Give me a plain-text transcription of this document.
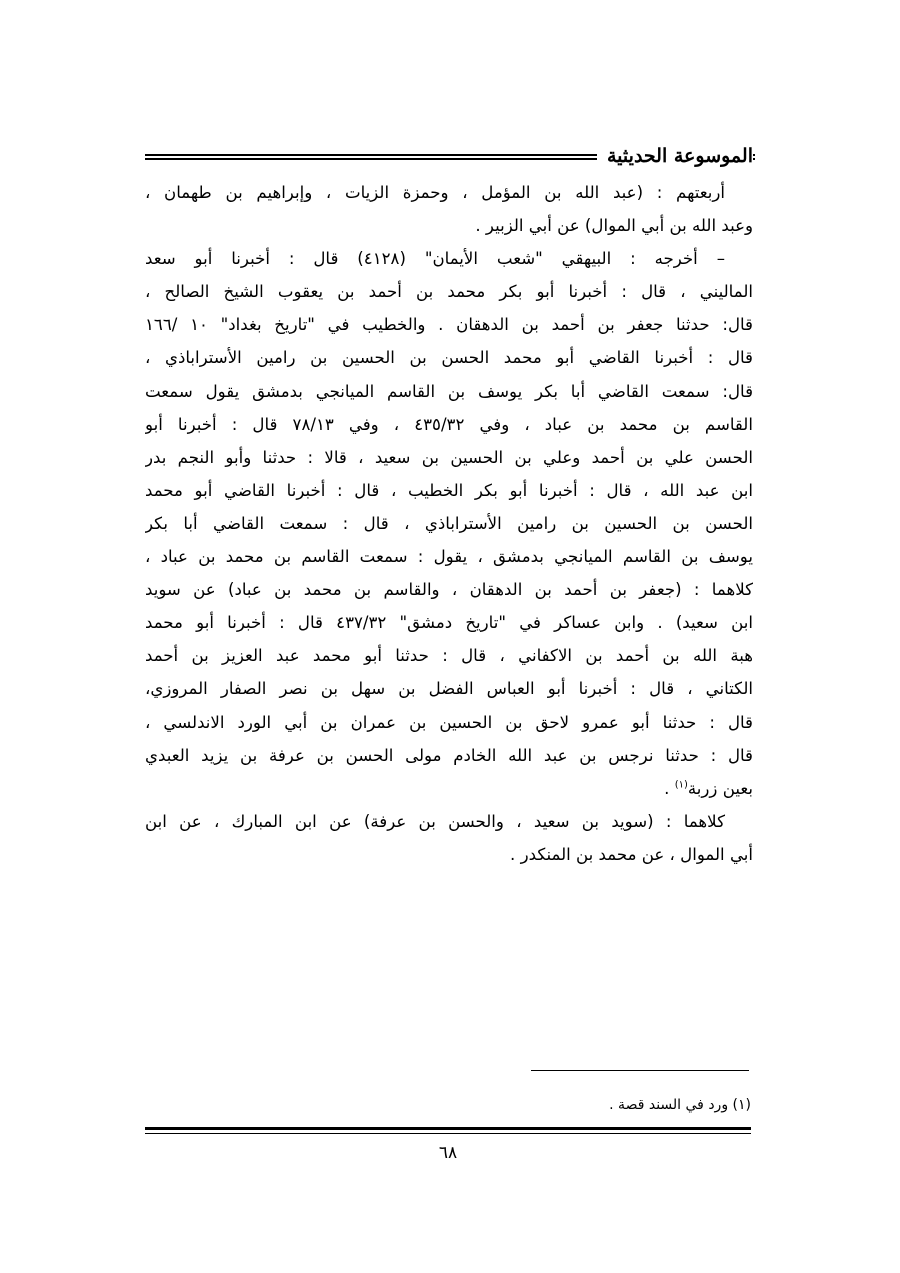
الموسوعة الحديثية
أربعتهم : (عبد الله بن المؤمل ، وحمزة الزيات ، وإبراهيم بن طهمان ،
وعبد الله بن أبي الموال) عن أبي الزبير .
– أخرجه : البيهقي "شعب الأيمان" (٤١٢٨) قال : أخبرنا أبو سعد
الماليني ، قال : أخبرنا أبو بكر محمد بن أحمد بن يعقوب الشيخ الصالح ،
قال: حدثنا جعفر بن أحمد بن الدهقان . والخطيب في "تاريخ بغداد" ١٠ /١٦٦
قال : أخبرنا القاضي أبو محمد الحسن بن الحسين بن رامين الأستراباذي ،
قال: سمعت القاضي أبا بكر يوسف بن القاسم الميانجي بدمشق يقول سمعت
القاسم بن محمد بن عباد ، وفي ٤٣٥/٣٢ ، وفي ٧٨/١٣ قال : أخبرنا أبو
الحسن علي بن أحمد وعلي بن الحسين بن سعيد ، قالا : حدثنا وأبو النجم بدر
ابن عبد الله ، قال : أخبرنا أبو بكر الخطيب ، قال : أخبرنا القاضي أبو محمد
الحسن بن الحسين بن رامين الأستراباذي ، قال : سمعت القاضي أبا بكر
يوسف بن القاسم الميانجي بدمشق ، يقول : سمعت القاسم بن محمد بن عباد ،
كلاهما : (جعفر بن أحمد بن الدهقان ، والقاسم بن محمد بن عباد) عن سويد
ابن سعيد) . وابن عساكر في "تاريخ دمشق" ٤٣٧/٣٢ قال : أخبرنا أبو محمد
هبة الله بن أحمد بن الاكفاني ، قال : حدثنا أبو محمد عبد العزيز بن أحمد
الكتاني ، قال : أخبرنا أبو العباس الفضل بن سهل بن نصر الصفار المروزي،
قال : حدثنا أبو عمرو لاحق بن الحسين بن عمران بن أبي الورد الاندلسي ،
قال : حدثنا نرجس بن عبد الله الخادم مولى الحسن بن عرفة بن يزيد العبدي
بعين زربة$^{(١)}$ .
كلاهما : (سويد بن سعيد ، والحسن بن عرفة) عن ابن المبارك ، عن ابن
أبي الموال ، عن محمد بن المنكدر .
(١) ورد في السند قصة .
٦٨
